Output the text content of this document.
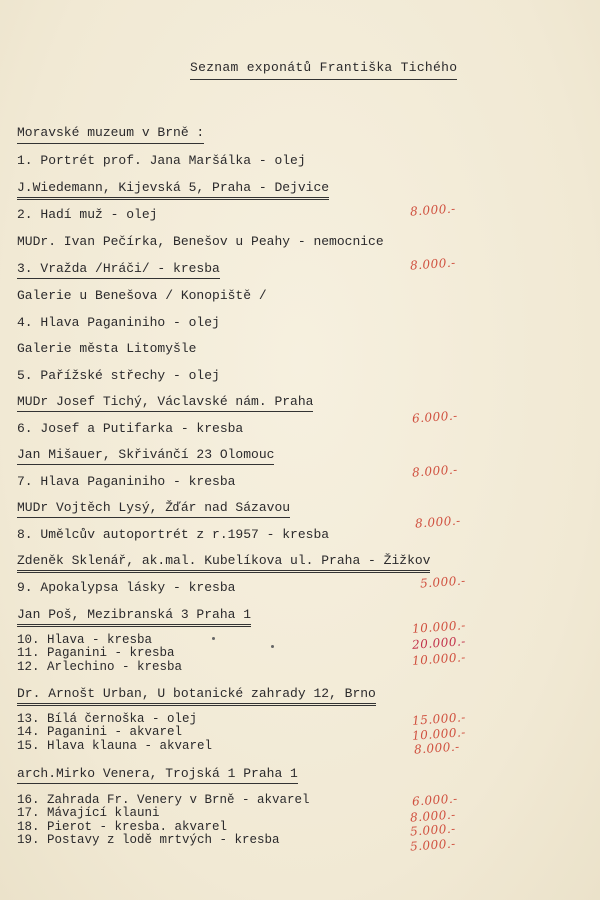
Seznam exponátů Františka Tichého
Moravské muzeum v Brně :
1. Portrét prof. Jana Maršálka - olej
J.Wiedemann, Kijevská 5, Praha - Dejvice
2. Hadí muž - olej
MUDr. Ivan Pečírka, Benešov u Peahy - nemocnice
3. Vražda /Hráči/ - kresba
Galerie u Benešova / Konopiště /
4. Hlava Paganiniho - olej
Galerie města Litomyšle
5. Pařížské střechy - olej
MUDr Josef Tichý, Václavské nám. Praha
6. Josef a Putifarka - kresba
Jan Mišauer, Skřivánčí 23 Olomouc
7. Hlava Paganiniho - kresba
MUDr Vojtěch Lysý, Žďár nad Sázavou
8. Umělcův autoportrét z r.1957 - kresba
Zdeněk Sklenář, ak.mal. Kubelíkova ul. Praha - Žižkov
9. Apokalypsa lásky - kresba
Jan Poš, Mezibranská 3 Praha 1
10. Hlava - kresba
11. Paganini - kresba
12. Arlechino - kresba
Dr. Arnošt Urban, U botanické zahrady 12, Brno
13. Bílá černoška - olej
14. Paganini - akvarel
15. Hlava klauna - akvarel
arch.Mirko Venera, Trojská 1 Praha 1
16. Zahrada Fr. Venery v Brně - akvarel
17. Mávající klauni
18. Pierot - kresba. akvarel
19. Postavy z lodě mrtvých - kresba
8.000.-
8.000.-
6.000.-
8.000.-
8.000.-
5.000.-
10.000.-
20.000.-
10.000.-
15.000.-
10.000.-
8.000.-
6.000.-
8.000.-
5.000.-
5.000.-
